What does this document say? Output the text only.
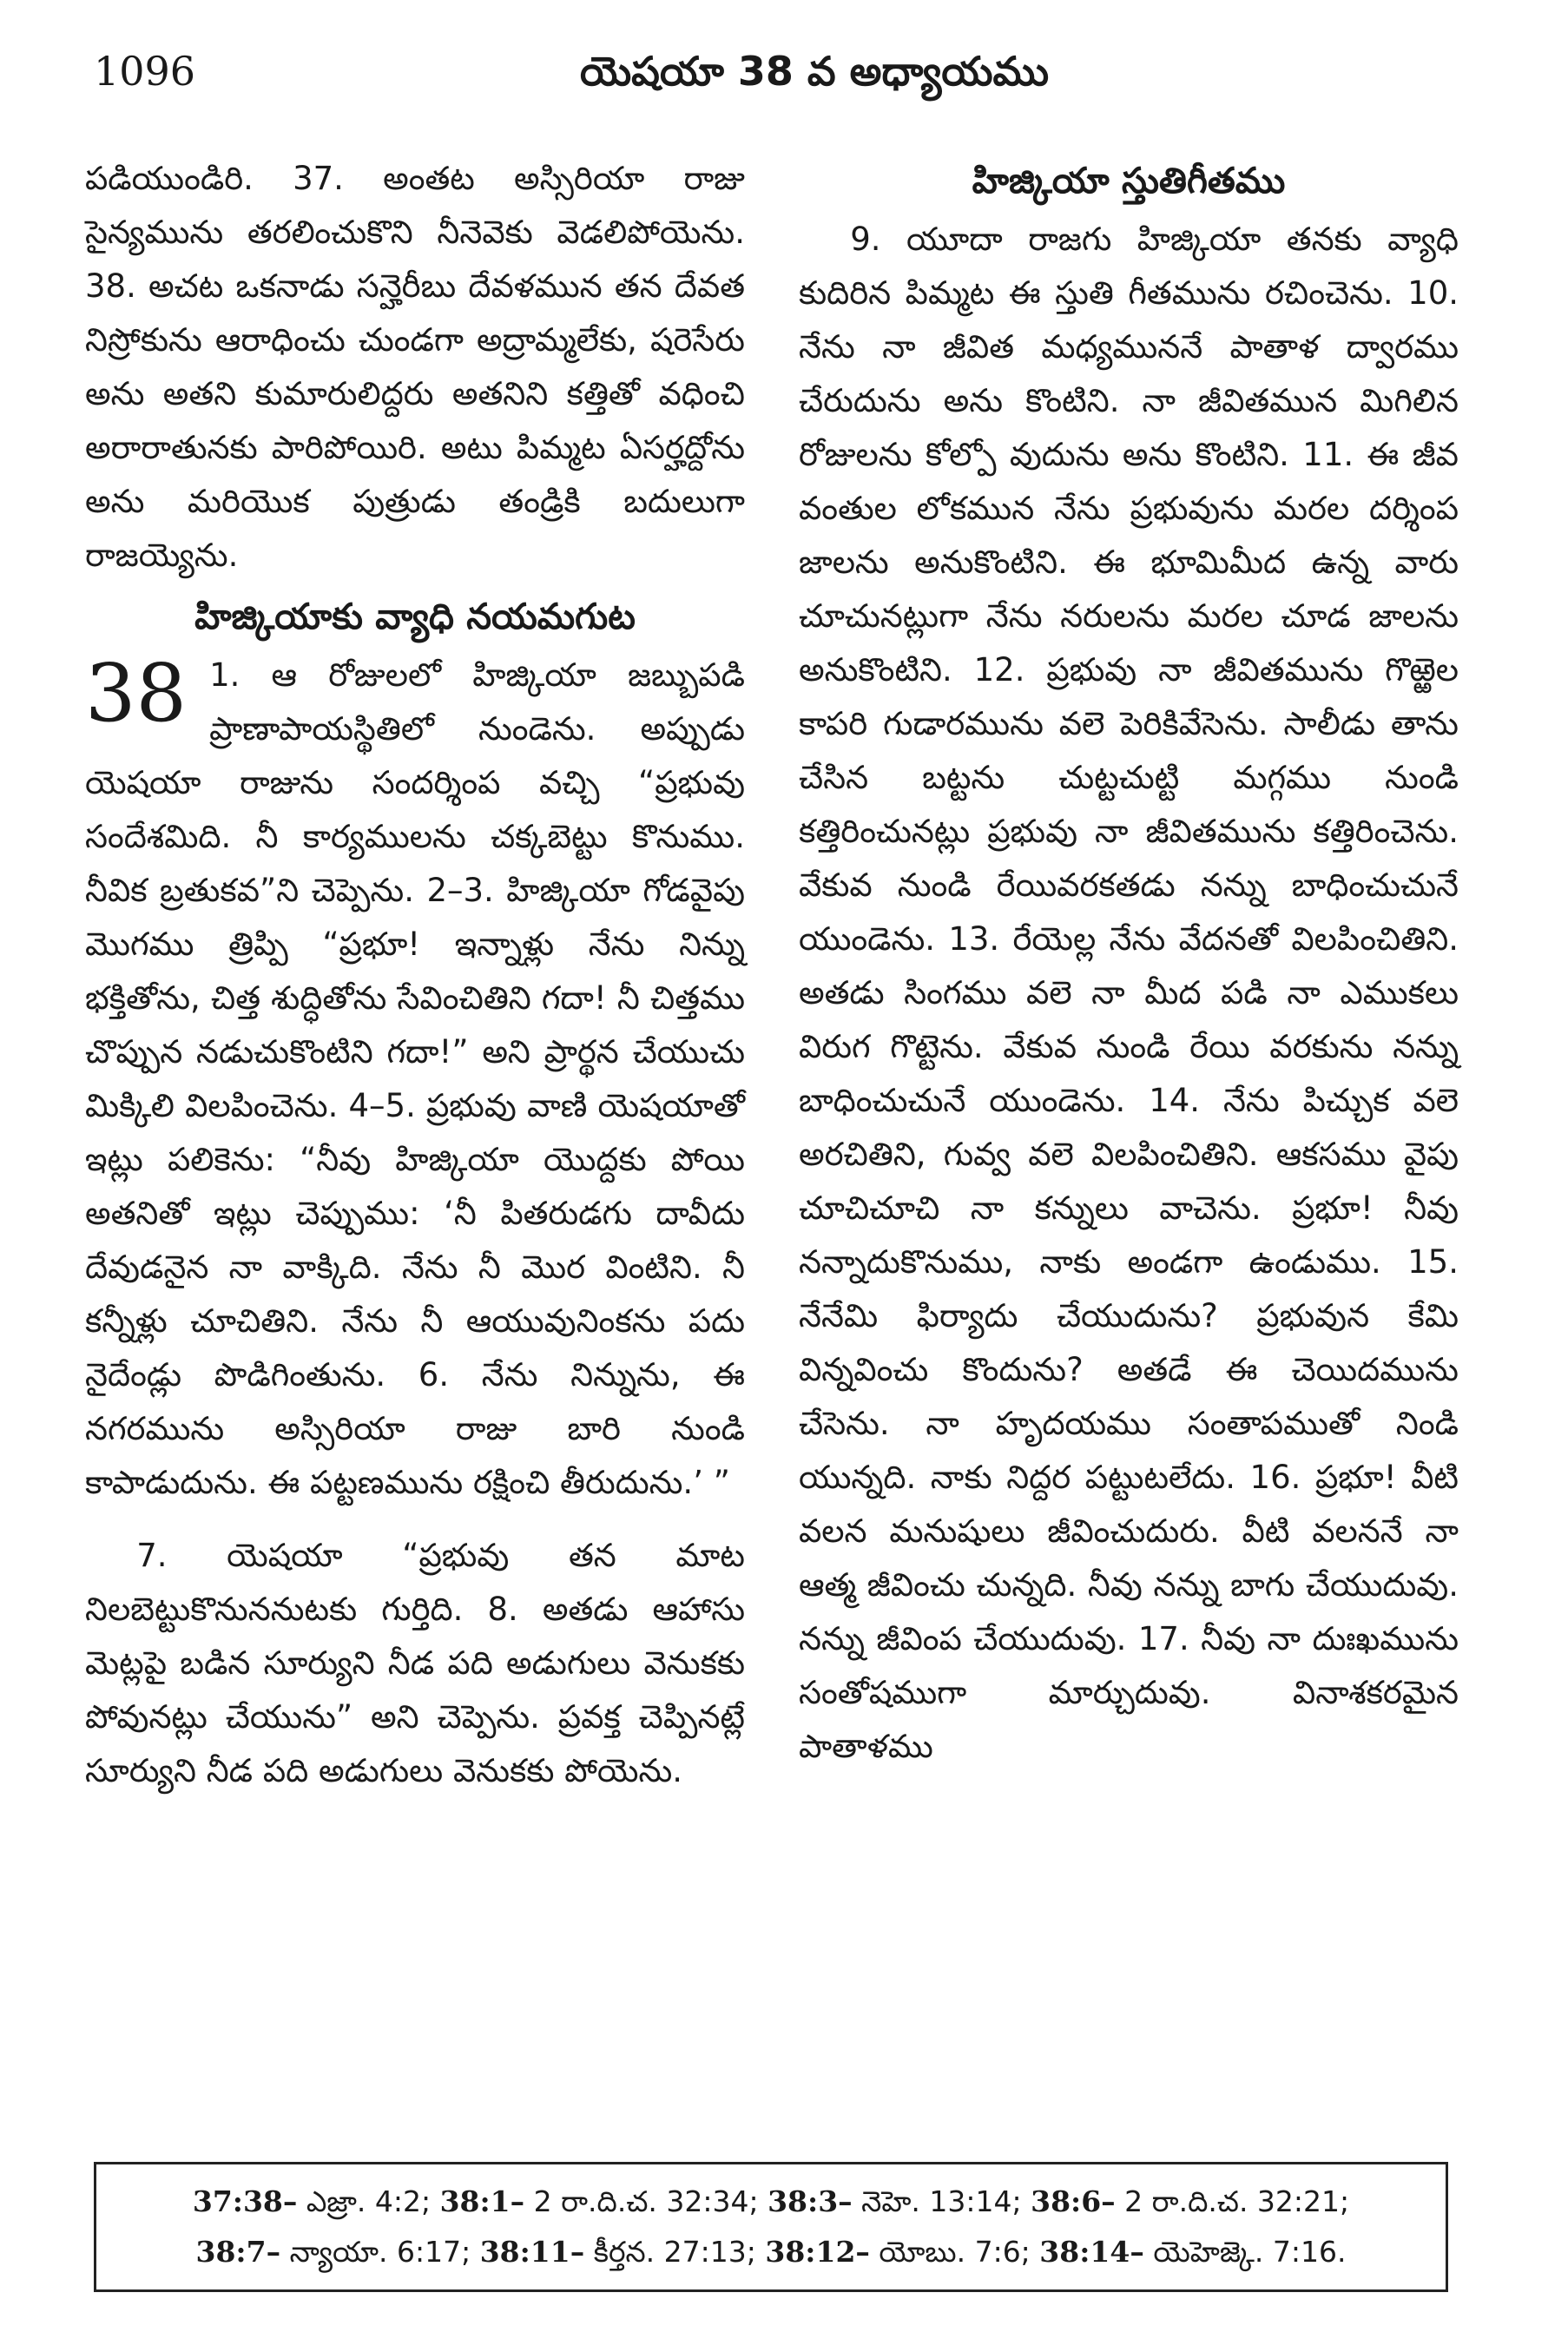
1096	యెషయా 38 వ అధ్యాయము

పడియుండిరి. 37. అంతట అస్సిరియా రాజు సైన్యమును తరలించుకొని నీనెవెకు వెడలిపోయెను. 38. అచట ఒకనాడు సన్హెరీబు దేవళమున తన దేవత నిస్రోకును ఆరాధించు చుండగా అద్రామ్మలేకు, షరెసేరు అను అతని కుమారులిద్దరు అతనిని కత్తితో వధించి అరారాతునకు పారిపోయిరి. అటు పిమ్మట ఏసర్హద్దోను అను మరియొక పుత్రుడు తండ్రికి బదులుగా రాజయ్యెను.

హిజ్కియాకు వ్యాధి నయమగుట

38 1. ఆ రోజులలో హిజ్కియా జబ్బుపడి ప్రాణాపాయస్థితిలో నుండెను. అప్పుడు యెషయా రాజును సందర్శింప వచ్చి “ప్రభువు సందేశమిది. నీ కార్యములను చక్కబెట్టు కొనుము. నీవిక బ్రతుకవ”ని చెప్పెను. 2–3. హిజ్కియా గోడవైపు మొగము త్రిప్పి “ప్రభూ! ఇన్నాళ్లు నేను నిన్ను భక్తితోను, చిత్త శుద్ధితోను సేవించితిని గదా! నీ చిత్తము చొప్పున నడుచుకొంటిని గదా!” అని ప్రార్థన చేయుచు మిక్కిలి విలపించెను. 4–5. ప్రభువు వాణి యెషయాతో ఇట్లు పలికెను: “నీవు హిజ్కియా యొద్దకు పోయి అతనితో ఇట్లు చెప్పుము: ‘నీ పితరుడగు దావీదు దేవుడనైన నా వాక్కిది. నేను నీ మొర వింటిని. నీ కన్నీళ్లు చూచితిని. నేను నీ ఆయువునింకను పదు నైదేండ్లు పొడిగింతును. 6. నేను నిన్నును, ఈ నగరమును అస్సిరియా రాజు బారి నుండి కాపాడుదును. ఈ పట్టణమును రక్షించి తీరుదును.’ ”

7. యెషయా “ప్రభువు తన మాట నిలబెట్టుకొనుననుటకు గుర్తిది. 8. అతడు ఆహాసు మెట్లపై బడిన సూర్యుని నీడ పది అడుగులు వెనుకకు పోవునట్లు చేయును” అని చెప్పెను. ప్రవక్త చెప్పినట్లే సూర్యుని నీడ పది అడుగులు వెనుకకు పోయెను.

హిజ్కియా స్తుతిగీతము

9. యూదా రాజగు హిజ్కియా తనకు వ్యాధి కుదిరిన పిమ్మట ఈ స్తుతి గీతమును రచించెను. 10. నేను నా జీవిత మధ్యముననే పాతాళ ద్వారము చేరుదును అను కొంటిని. నా జీవితమున మిగిలిన రోజులను కోల్పో వుదును అను కొంటిని. 11. ఈ జీవ వంతుల లోకమున నేను ప్రభువును మరల దర్శింప జాలను అనుకొంటిని. ఈ భూమిమీద ఉన్న వారు చూచునట్లుగా నేను నరులను మరల చూడ జాలను అనుకొంటిని. 12. ప్రభువు నా జీవితమును గొఱ్ఱెల కాపరి గుడారమును వలె పెరికివేసెను. సాలీడు తాను చేసిన బట్టను చుట్టచుట్టి మగ్గము నుండి కత్తిరించునట్లు ప్రభువు నా జీవితమును కత్తిరించెను. వేకువ నుండి రేయివరకతడు నన్ను బాధించుచునే యుండెను. 13. రేయెల్ల నేను వేదనతో విలపించితిని. అతడు సింగము వలె నా మీద పడి నా ఎముకలు విరుగ గొట్టెను. వేకువ నుండి రేయి వరకును నన్ను బాధించుచునే యుండెను. 14. నేను పిచ్చుక వలె అరచితిని, గువ్వ వలె విలపించితిని. ఆకసము వైపు చూచిచూచి నా కన్నులు వాచెను. ప్రభూ! నీవు నన్నాదుకొనుము, నాకు అండగా ఉండుము. 15. నేనేమి ఫిర్యాదు చేయుదును? ప్రభువున కేమి విన్నవించు కొందును? అతడే ఈ చెయిదమును చేసెను. నా హృదయము సంతాపముతో నిండి యున్నది. నాకు నిద్దర పట్టుటలేదు. 16. ప్రభూ! వీటి వలన మనుషులు జీవించుదురు. వీటి వలననే నా ఆత్మ జీవించు చున్నది. నీవు నన్ను బాగు చేయుదువు. నన్ను జీవింప చేయుదువు. 17. నీవు నా దుఃఖమును సంతోషముగా మార్చుదువు. వినాశకరమైన పాతాళము

37:38– ఎజ్రా. 4:2; 38:1– 2 రా.ది.చ. 32:34; 38:3– నెహె. 13:14; 38:6– 2 రా.ది.చ. 32:21;
38:7– న్యాయా. 6:17; 38:11– కీర్తన. 27:13; 38:12– యోబు. 7:6; 38:14– యెహెజ్కె. 7:16.
